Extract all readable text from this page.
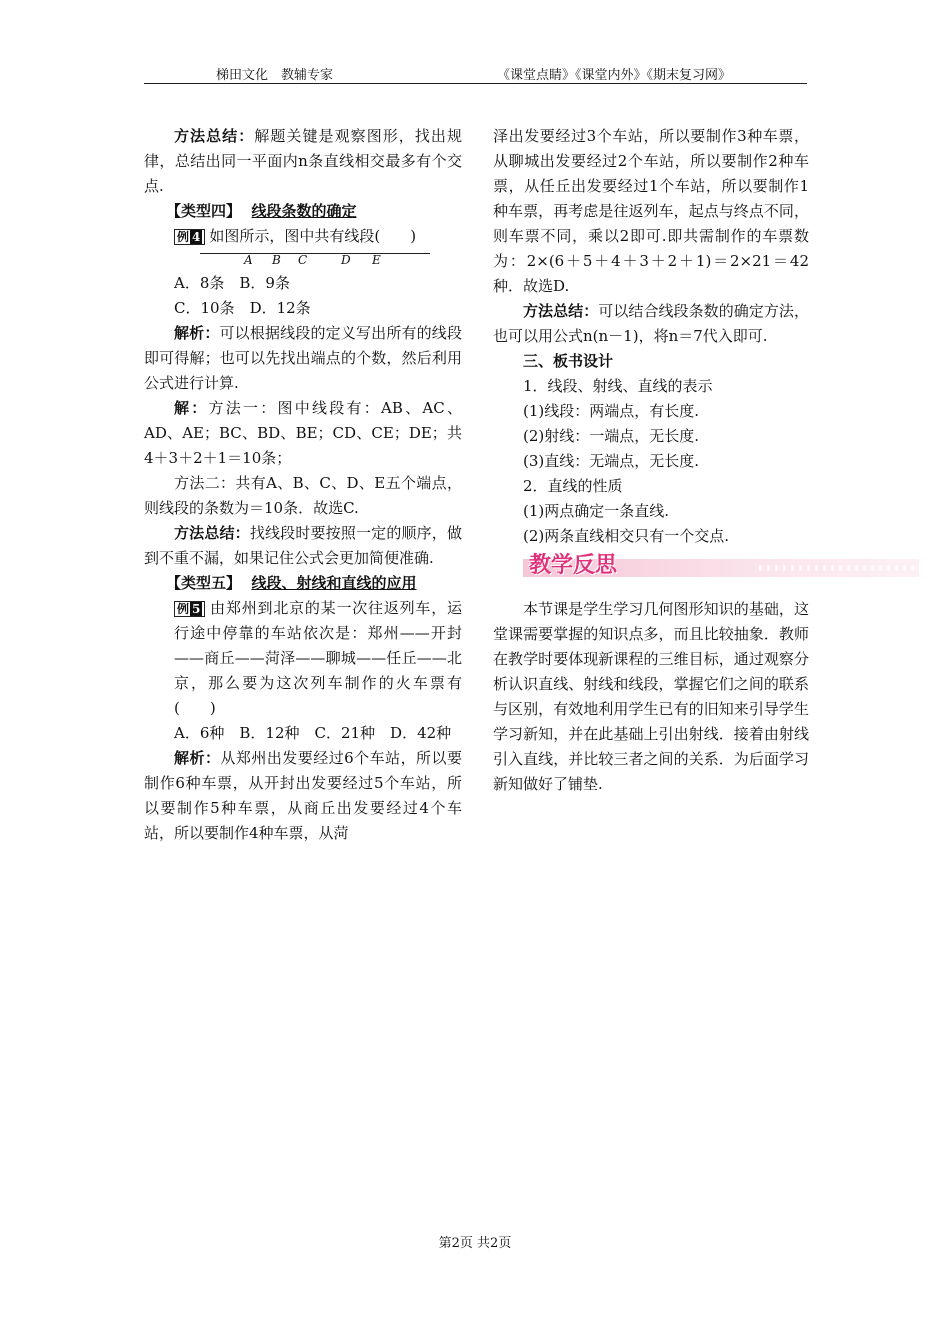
梯田文化　教辅专家	《课堂点睛》《课堂内外》《期末复习网》

方法总结：解题关键是观察图形，找出规律，总结出同一平面内n条直线相交最多有个交点.

【类型四】 线段条数的确定

例 4 如图所示，图中共有线段(　　)

A B C	D E

A．8条　B．9条

C．10条　D．12条

解析：可以根据线段的定义写出所有的线段即可得解；也可以先找出端点的个数，然后利用公式进行计算.

解：方法一：图中线段有：AB、AC、AD、AE；BC、BD、BE；CD、CE；DE；共4＋3＋2＋1＝10条；

方法二：共有A、B、C、D、E五个端点，则线段的条数为＝10条．故选C.

方法总结：找线段时要按照一定的顺序，做到不重不漏，如果记住公式会更加简便准确.

【类型五】 线段、射线和直线的应用

例 5 由郑州到北京的某一次往返列车，运行途中停靠的车站依次是：郑州——开封——商丘——菏泽——聊城——任丘——北京，那么要为这次列车制作的火车票有(　　)

A．6种　B．12种　C．21种　D．42种

解析：从郑州出发要经过6个车站，所以要制作6种车票，从开封出发要经过5个车站，所以要制作5种车票，从商丘出发要经过4个车站，所以要制作4种车票，从菏

泽出发要经过3个车站，所以要制作3种车票，从聊城出发要经过2个车站，所以要制作2种车票，从任丘出发要经过1个车站，所以要制作1种车票，再考虑是往返列车，起点与终点不同，则车票不同，乘以2即可.即共需制作的车票数为：2×(6＋5＋4＋3＋2＋1)＝2×21＝42种．故选D.

方法总结：可以结合线段条数的确定方法，也可以用公式n(n－1)，将n＝7代入即可.

三、板书设计

1．线段、射线、直线的表示

(1)线段：两端点，有长度.

(2)射线：一端点，无长度.

(3)直线：无端点，无长度.

2．直线的性质

(1)两点确定一条直线.

(2)两条直线相交只有一个交点.

教学反思

本节课是学生学习几何图形知识的基础，这堂课需要掌握的知识点多，而且比较抽象．教师在教学时要体现新课程的三维目标，通过观察分析认识直线、射线和线段，掌握它们之间的联系与区别，有效地利用学生已有的旧知来引导学生学习新知，并在此基础上引出射线．接着由射线引入直线，并比较三者之间的关系．为后面学习新知做好了铺垫.

第2页 共2页
